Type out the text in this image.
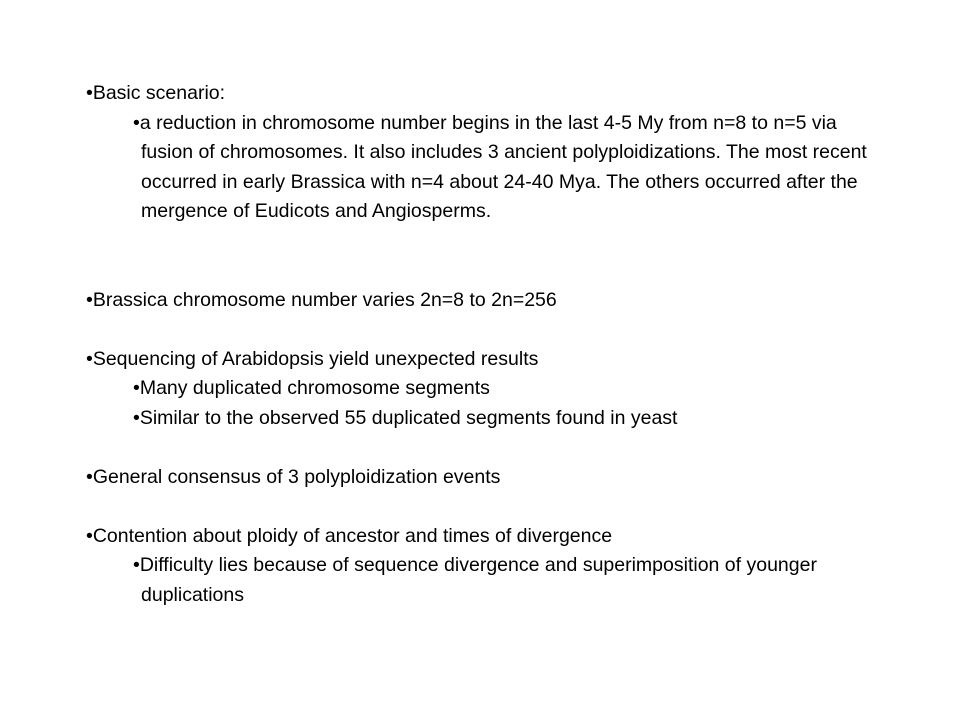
•Basic scenario:

•a reduction in chromosome number begins in the last 4-5 My from n=8 to n=5 via fusion of chromosomes. It also includes 3 ancient polyploidizations. The most recent occurred in early Brassica with n=4 about 24-40 Mya. The others occurred after the mergence of Eudicots and Angiosperms.

•Brassica chromosome number varies 2n=8 to 2n=256

•Sequencing of Arabidopsis yield unexpected results

•Many duplicated chromosome segments

•Similar to the observed 55 duplicated segments found in yeast

•General consensus of 3 polyploidization events

•Contention about ploidy of ancestor and times of divergence

•Difficulty lies because of sequence divergence and superimposition of younger duplications
